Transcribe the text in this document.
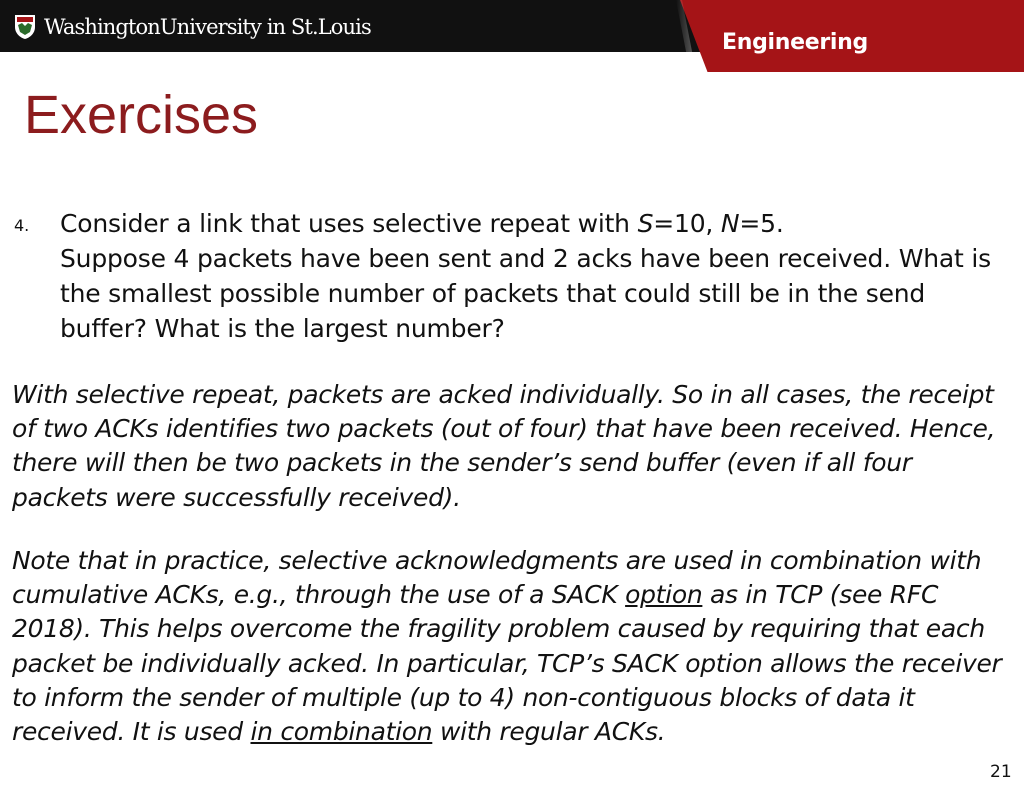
WashingtonUniversity in St.Louis
Engineering
Exercises
4.	Consider a link that uses selective repeat with S=10, N=5.
Suppose 4 packets have been sent and 2 acks have been received. What is the smallest possible number of packets that could still be in the send buffer? What is the largest number?

With selective repeat, packets are acked individually. So in all cases, the receipt of two ACKs identifies two packets (out of four) that have been received. Hence, there will then be two packets in the sender’s send buffer (even if all four packets were successfully received).

Note that in practice, selective acknowledgments are used in combination with cumulative ACKs, e.g., through the use of a SACK option as in TCP (see RFC 2018). This helps overcome the fragility problem caused by requiring that each packet be individually acked. In particular, TCP’s SACK option allows the receiver to inform the sender of multiple (up to 4) non-contiguous blocks of data it received. It is used in combination with regular ACKs.

21
